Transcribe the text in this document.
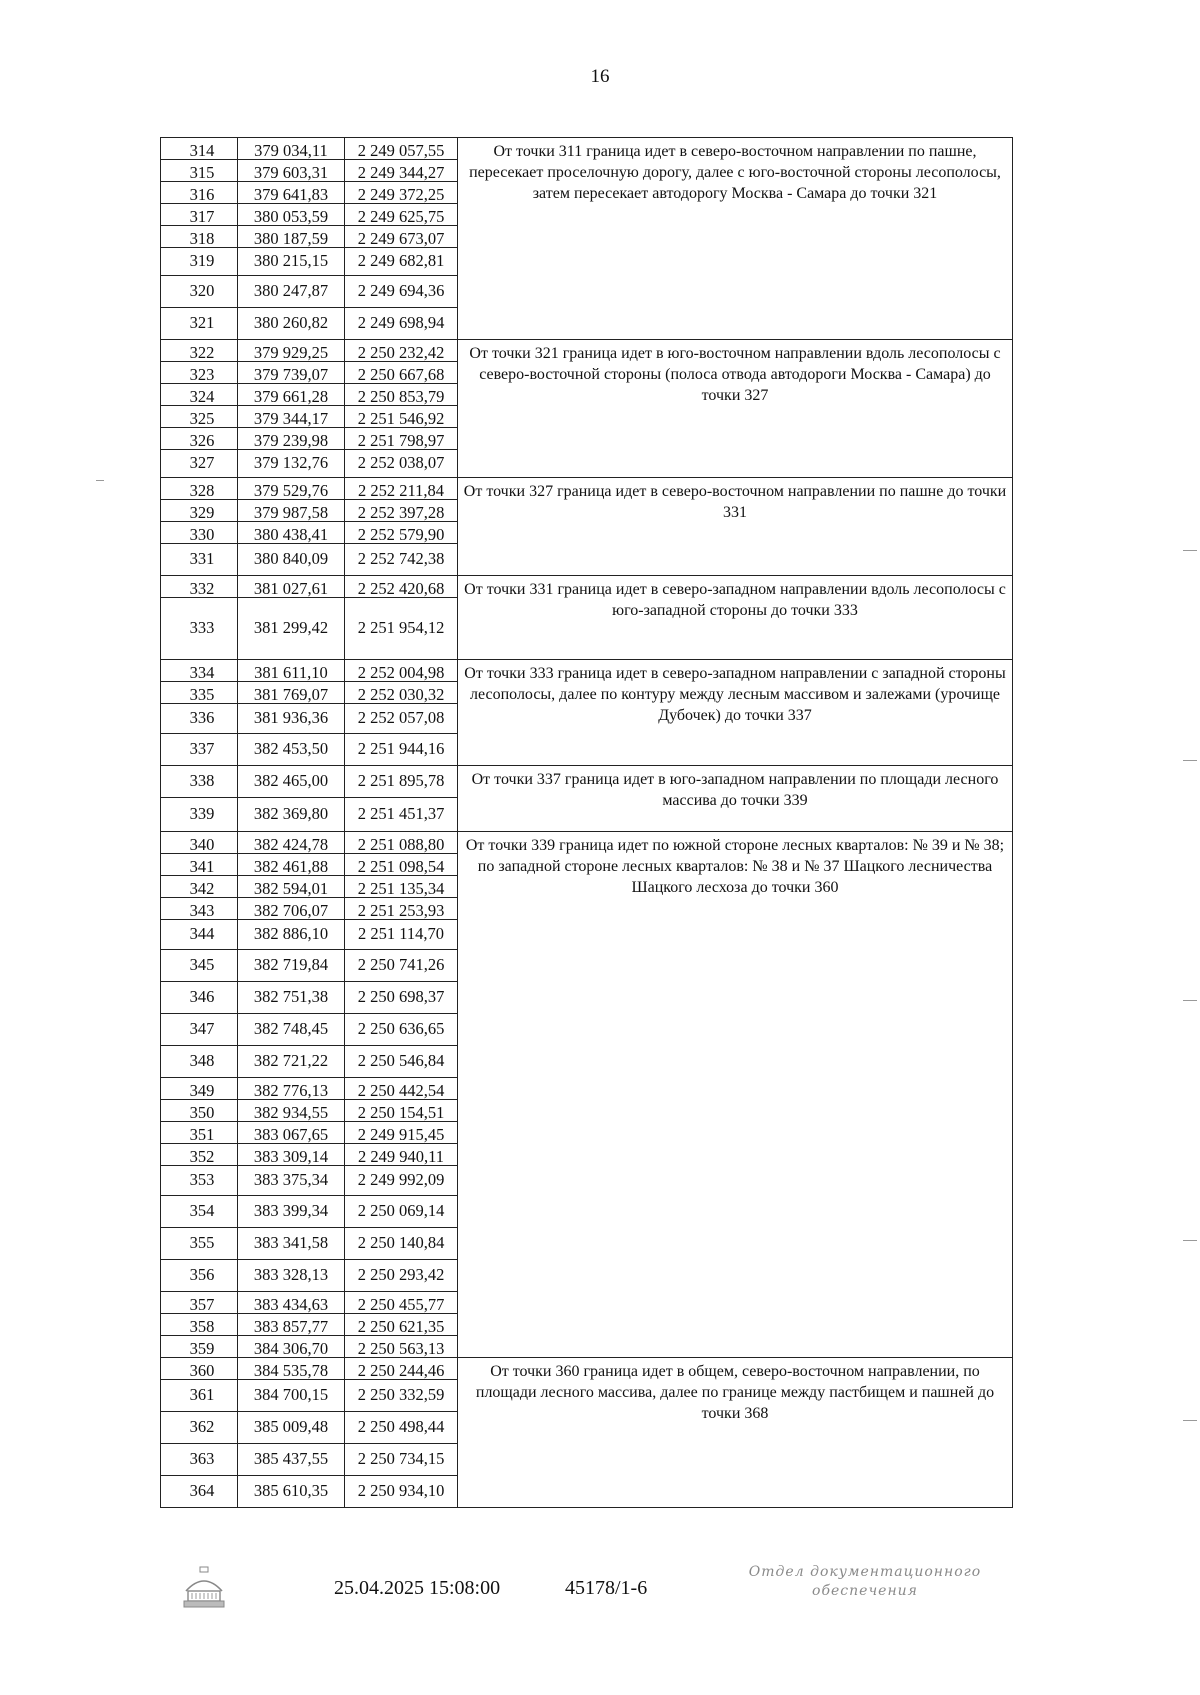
16
314	379 034,11	2 249 057,55	От точки 311 граница идет в северо-восточном направлении по пашне, пересекает проселочную дорогу, далее с юго-восточной стороны лесополосы, затем пересекает автодорогу Москва - Самара до точки 321
315	379 603,31	2 249 344,27	
316	379 641,83	2 249 372,25	
317	380 053,59	2 249 625,75	
318	380 187,59	2 249 673,07	
319	380 215,15	2 249 682,81	
320	380 247,87	2 249 694,36	
321	380 260,82	2 249 698,94	
322	379 929,25	2 250 232,42	От точки 321 граница идет в юго-восточном направлении вдоль лесополосы с северо-восточной стороны (полоса отвода автодороги Москва - Самара) до точки 327
323	379 739,07	2 250 667,68	
324	379 661,28	2 250 853,79	
325	379 344,17	2 251 546,92	
326	379 239,98	2 251 798,97	
327	379 132,76	2 252 038,07	
328	379 529,76	2 252 211,84	От точки 327 граница идет в северо-восточном направлении по пашне до точки 331
329	379 987,58	2 252 397,28	
330	380 438,41	2 252 579,90	
331	380 840,09	2 252 742,38	
332	381 027,61	2 252 420,68	От точки 331 граница идет в северо-западном направлении вдоль лесополосы с юго-западной стороны до точки 333
333	381 299,42	2 251 954,12	
334	381 611,10	2 252 004,98	От точки 333 граница идет в северо-западном направлении с западной стороны лесополосы, далее по контуру между лесным массивом и залежами (урочище Дубочек) до точки 337
335	381 769,07	2 252 030,32	
336	381 936,36	2 252 057,08	
337	382 453,50	2 251 944,16	
338	382 465,00	2 251 895,78	От точки 337 граница идет в юго-западном направлении по площади лесного массива до точки 339
339	382 369,80	2 251 451,37	
340	382 424,78	2 251 088,80	От точки 339 граница идет по южной стороне лесных кварталов: № 39 и № 38; по западной стороне лесных кварталов: № 38 и № 37 Шацкого лесничества Шацкого лесхоза до точки 360
341	382 461,88	2 251 098,54	
342	382 594,01	2 251 135,34	
343	382 706,07	2 251 253,93	
344	382 886,10	2 251 114,70	
345	382 719,84	2 250 741,26	
346	382 751,38	2 250 698,37	
347	382 748,45	2 250 636,65	
348	382 721,22	2 250 546,84	
349	382 776,13	2 250 442,54	
350	382 934,55	2 250 154,51	
351	383 067,65	2 249 915,45	
352	383 309,14	2 249 940,11	
353	383 375,34	2 249 992,09	
354	383 399,34	2 250 069,14	
355	383 341,58	2 250 140,84	
356	383 328,13	2 250 293,42	
357	383 434,63	2 250 455,77	
358	383 857,77	2 250 621,35	
359	384 306,70	2 250 563,13	
360	384 535,78	2 250 244,46	От точки 360 граница идет в общем, северо-восточном направлении, по площади лесного массива, далее по границе между пастбищем и пашней до точки 368
361	384 700,15	2 250 332,59	
362	385 009,48	2 250 498,44	
363	385 437,55	2 250 734,15	
364	385 610,35	2 250 934,10	
25.04.2025 15:08:00	45178/1-6
Отдел документационного обеспечения
